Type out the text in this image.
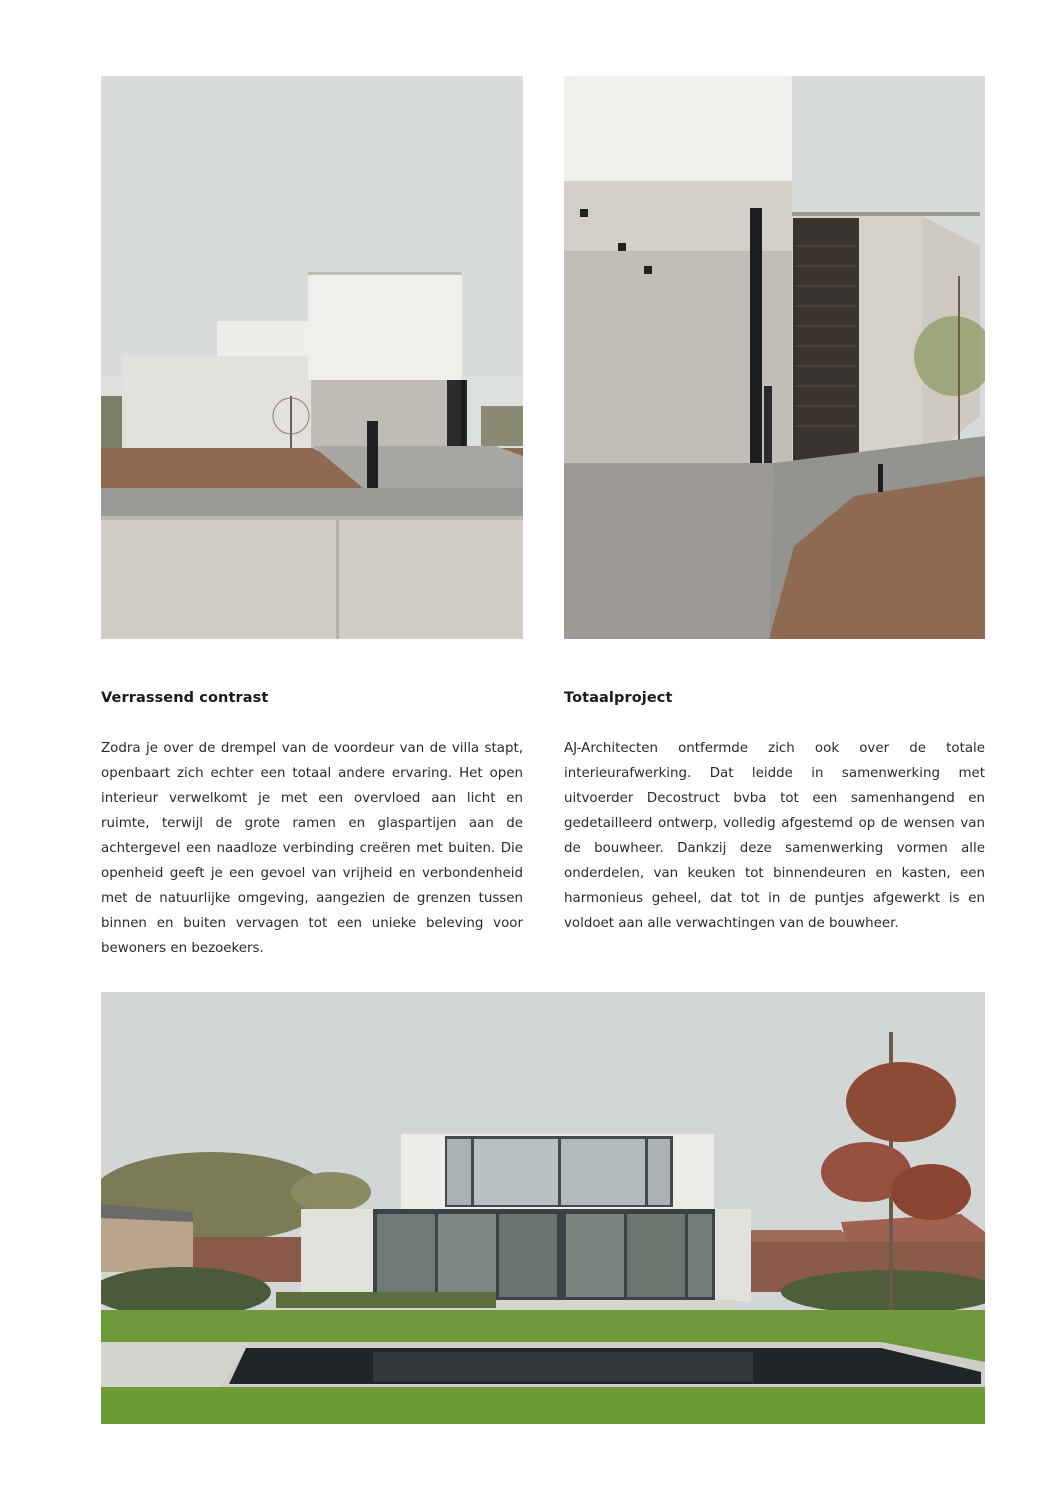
Verrassend contrast

Zodra je over de drempel van de voordeur van de villa stapt, openbaart zich echter een totaal andere ervaring. Het open interieur verwelkomt je met een overvloed aan licht en ruimte, terwijl de grote ramen en glaspartijen aan de achtergevel een naadloze verbinding creëren met buiten. Die openheid geeft je een gevoel van vrijheid en verbondenheid met de natuurlijke omgeving, aangezien de grenzen tussen binnen en buiten vervagen tot een unieke beleving voor bewoners en bezoekers.

Totaalproject

AJ-Architecten ontfermde zich ook over de totale interieurafwerking. Dat leidde in samenwerking met uitvoerder Decostruct bvba tot een samenhangend en gedetailleerd ontwerp, volledig afgestemd op de wensen van de bouwheer. Dankzij deze samenwerking vormen alle onderdelen, van keuken tot binnendeuren en kasten, een harmonieus geheel, dat tot in de puntjes afgewerkt is en voldoet aan alle verwachtingen van de bouwheer.
